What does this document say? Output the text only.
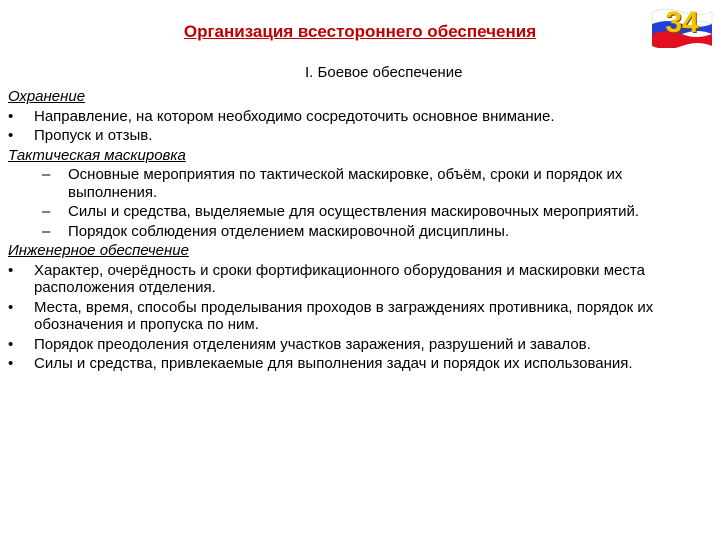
Организация всестороннего обеспечения	34
I. Боевое обеспечение
Охранение
• Направление, на котором необходимо сосредоточить основное внимание.
• Пропуск и отзыв.
Тактическая маскировка
– Основные мероприятия по тактической маскировке, объём, сроки и порядок их выполнения.
– Силы и средства, выделяемые для осуществления маскировочных мероприятий.
– Порядок соблюдения отделением маскировочной дисциплины.
Инженерное обеспечение
• Характер, очерёдность и сроки фортификационного оборудования и маскировки места расположения отделения.
• Места, время, способы проделывания проходов в заграждениях противника, порядок их обозначения и пропуска по ним.
• Порядок преодоления отделениям участков заражения, разрушений и завалов.
• Силы и средства, привлекаемые для выполнения задач и порядок их использования.
